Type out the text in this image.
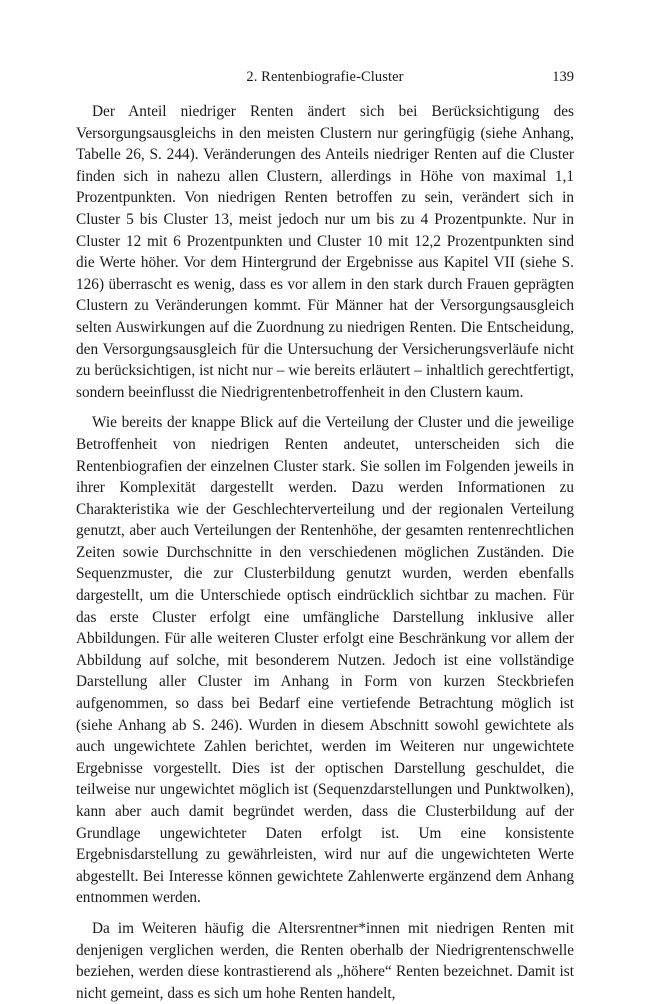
2. Rentenbiografie-Cluster	139

Der Anteil niedriger Renten ändert sich bei Berücksichtigung des Versorgungsausgleichs in den meisten Clustern nur geringfügig (siehe Anhang, Tabelle 26, S. 244). Veränderungen des Anteils niedriger Renten auf die Cluster finden sich in nahezu allen Clustern, allerdings in Höhe von maximal 1,1 Prozentpunkten. Von niedrigen Renten betroffen zu sein, verändert sich in Cluster 5 bis Cluster 13, meist jedoch nur um bis zu 4 Prozentpunkte. Nur in Cluster 12 mit 6 Prozentpunkten und Cluster 10 mit 12,2 Prozentpunkten sind die Werte höher. Vor dem Hintergrund der Ergebnisse aus Kapitel VII (siehe S. 126) überrascht es wenig, dass es vor allem in den stark durch Frauen geprägten Clustern zu Veränderungen kommt. Für Männer hat der Versorgungsausgleich selten Auswirkungen auf die Zuordnung zu niedrigen Renten. Die Entscheidung, den Versorgungsausgleich für die Untersuchung der Versicherungsverläufe nicht zu berücksichtigen, ist nicht nur – wie bereits erläutert – inhaltlich gerechtfertigt, sondern beeinflusst die Niedrigrentenbetroffenheit in den Clustern kaum.

Wie bereits der knappe Blick auf die Verteilung der Cluster und die jeweilige Betroffenheit von niedrigen Renten andeutet, unterscheiden sich die Rentenbiografien der einzelnen Cluster stark. Sie sollen im Folgenden jeweils in ihrer Komplexität dargestellt werden. Dazu werden Informationen zu Charakteristika wie der Geschlechterverteilung und der regionalen Verteilung genutzt, aber auch Verteilungen der Rentenhöhe, der gesamten rentenrechtlichen Zeiten sowie Durchschnitte in den verschiedenen möglichen Zuständen. Die Sequenzmuster, die zur Clusterbildung genutzt wurden, werden ebenfalls dargestellt, um die Unterschiede optisch eindrücklich sichtbar zu machen. Für das erste Cluster erfolgt eine umfängliche Darstellung inklusive aller Abbildungen. Für alle weiteren Cluster erfolgt eine Beschränkung vor allem der Abbildung auf solche, mit besonderem Nutzen. Jedoch ist eine vollständige Darstellung aller Cluster im Anhang in Form von kurzen Steckbriefen aufgenommen, so dass bei Bedarf eine vertiefende Betrachtung möglich ist (siehe Anhang ab S. 246). Wurden in diesem Abschnitt sowohl gewichtete als auch ungewichtete Zahlen berichtet, werden im Weiteren nur ungewichtete Ergebnisse vorgestellt. Dies ist der optischen Darstellung geschuldet, die teilweise nur ungewichtet möglich ist (Sequenzdarstellungen und Punktwolken), kann aber auch damit begründet werden, dass die Clusterbildung auf der Grundlage ungewichteter Daten erfolgt ist. Um eine konsistente Ergebnisdarstellung zu gewährleisten, wird nur auf die ungewichteten Werte abgestellt. Bei Interesse können gewichtete Zahlenwerte ergänzend dem Anhang entnommen werden.

Da im Weiteren häufig die Altersrentner*innen mit niedrigen Renten mit denjenigen verglichen werden, die Renten oberhalb der Niedrigrentenschwelle beziehen, werden diese kontrastierend als „höhere“ Renten bezeichnet. Damit ist nicht gemeint, dass es sich um hohe Renten handelt,
